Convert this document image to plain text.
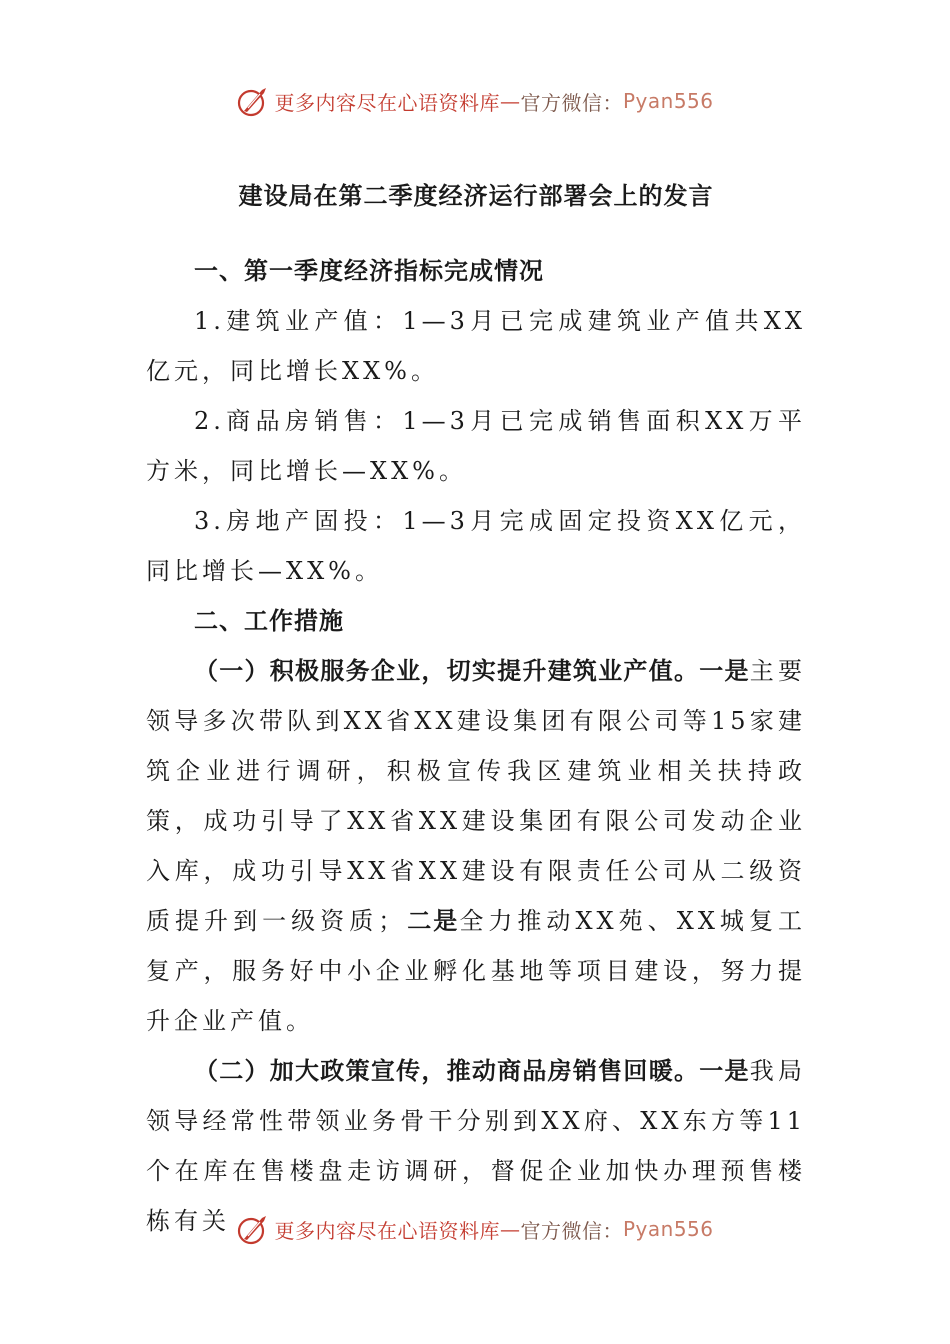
更多内容尽在心语资料库 — 官方微信： Pyan556

建设局在第二季度经济运行部署会上的发言

一、第一季度经济指标完成情况

1.建筑业产值：1—3月已完成建筑业产值共XX亿元，同比增长XX%。

2.商品房销售：1—3月已完成销售面积XX万平方米，同比增长—XX%。

3.房地产固投：1—3月完成固定投资XX亿元，同比增长—XX%。

二、工作措施

（一）积极服务企业，切实提升建筑业产值。一是主要领导多次带队到XX省XX建设集团有限公司等15家建筑企业进行调研，积极宣传我区建筑业相关扶持政策，成功引导了XX省XX建设集团有限公司发动企业入库，成功引导XX省XX建设有限责任公司从二级资质提升到一级资质；二是全力推动XX苑、XX城复工复产，服务好中小企业孵化基地等项目建设，努力提升企业产值。

（二）加大政策宣传，推动商品房销售回暖。一是我局领导经常性带领业务骨干分别到XX府、XX东方等11个在库在售楼盘走访调研，督促企业加快办理预售楼栋有关	更多内容尽在心语资料库 — 官方微信： Pyan556
